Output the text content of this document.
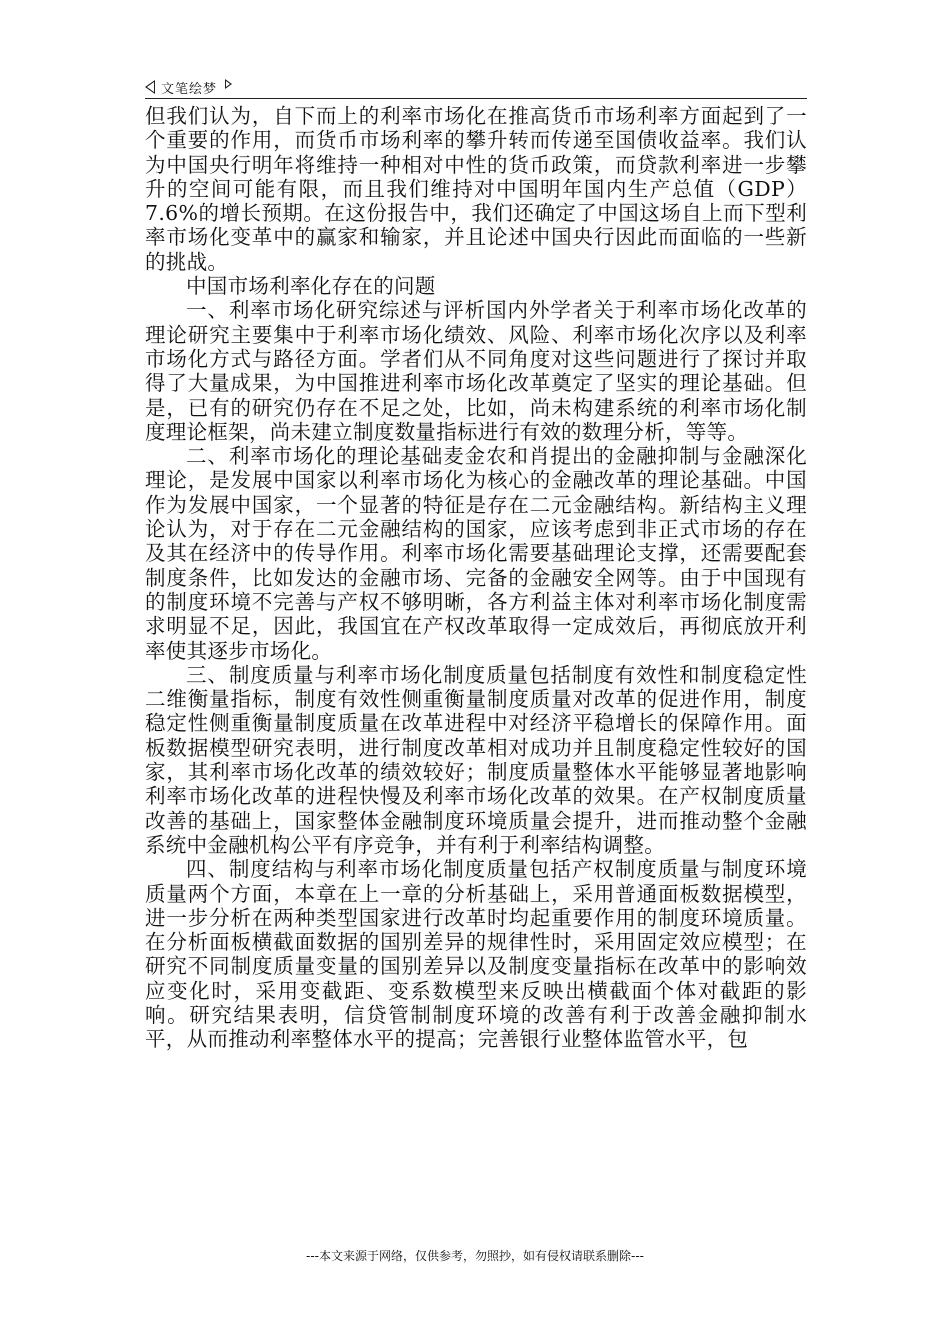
文笔绘梦

但我们认为，自下而上的利率市场化在推高货币市场利率方面起到了一个重要的作用，而货币市场利率的攀升转而传递至国债收益率。我们认为中国央行明年将维持一种相对中性的货币政策，而贷款利率进一步攀升的空间可能有限，而且我们维持对中国明年国内生产总值（GDP）7.6%的增长预期。在这份报告中，我们还确定了中国这场自上而下型利率市场化变革中的赢家和输家，并且论述中国央行因此而面临的一些新的挑战。

中国市场利率化存在的问题

一、利率市场化研究综述与评析国内外学者关于利率市场化改革的理论研究主要集中于利率市场化绩效、风险、利率市场化次序以及利率市场化方式与路径方面。学者们从不同角度对这些问题进行了探讨并取得了大量成果，为中国推进利率市场化改革奠定了坚实的理论基础。但是，已有的研究仍存在不足之处，比如，尚未构建系统的利率市场化制度理论框架，尚未建立制度数量指标进行有效的数理分析，等等。

二、利率市场化的理论基础麦金农和肖提出的金融抑制与金融深化理论，是发展中国家以利率市场化为核心的金融改革的理论基础。中国作为发展中国家，一个显著的特征是存在二元金融结构。新结构主义理论认为，对于存在二元金融结构的国家，应该考虑到非正式市场的存在及其在经济中的传导作用。利率市场化需要基础理论支撑，还需要配套制度条件，比如发达的金融市场、完备的金融安全网等。由于中国现有的制度环境不完善与产权不够明晰，各方利益主体对利率市场化制度需求明显不足，因此，我国宜在产权改革取得一定成效后，再彻底放开利率使其逐步市场化。

三、制度质量与利率市场化制度质量包括制度有效性和制度稳定性二维衡量指标，制度有效性侧重衡量制度质量对改革的促进作用，制度稳定性侧重衡量制度质量在改革进程中对经济平稳增长的保障作用。面板数据模型研究表明，进行制度改革相对成功并且制度稳定性较好的国家，其利率市场化改革的绩效较好；制度质量整体水平能够显著地影响利率市场化改革的进程快慢及利率市场化改革的效果。在产权制度质量改善的基础上，国家整体金融制度环境质量会提升，进而推动整个金融系统中金融机构公平有序竞争，并有利于利率结构调整。

四、制度结构与利率市场化制度质量包括产权制度质量与制度环境质量两个方面，本章在上一章的分析基础上，采用普通面板数据模型，进一步分析在两种类型国家进行改革时均起重要作用的制度环境质量。在分析面板横截面数据的国别差异的规律性时，采用固定效应模型；在研究不同制度质量变量的国别差异以及制度变量指标在改革中的影响效应变化时，采用变截距、变系数模型来反映出横截面个体对截距的影响。研究结果表明，信贷管制制度环境的改善有利于改善金融抑制水平，从而推动利率整体水平的提高；完善银行业整体监管水平，包

---本文来源于网络，仅供参考，勿照抄，如有侵权请联系删除---
